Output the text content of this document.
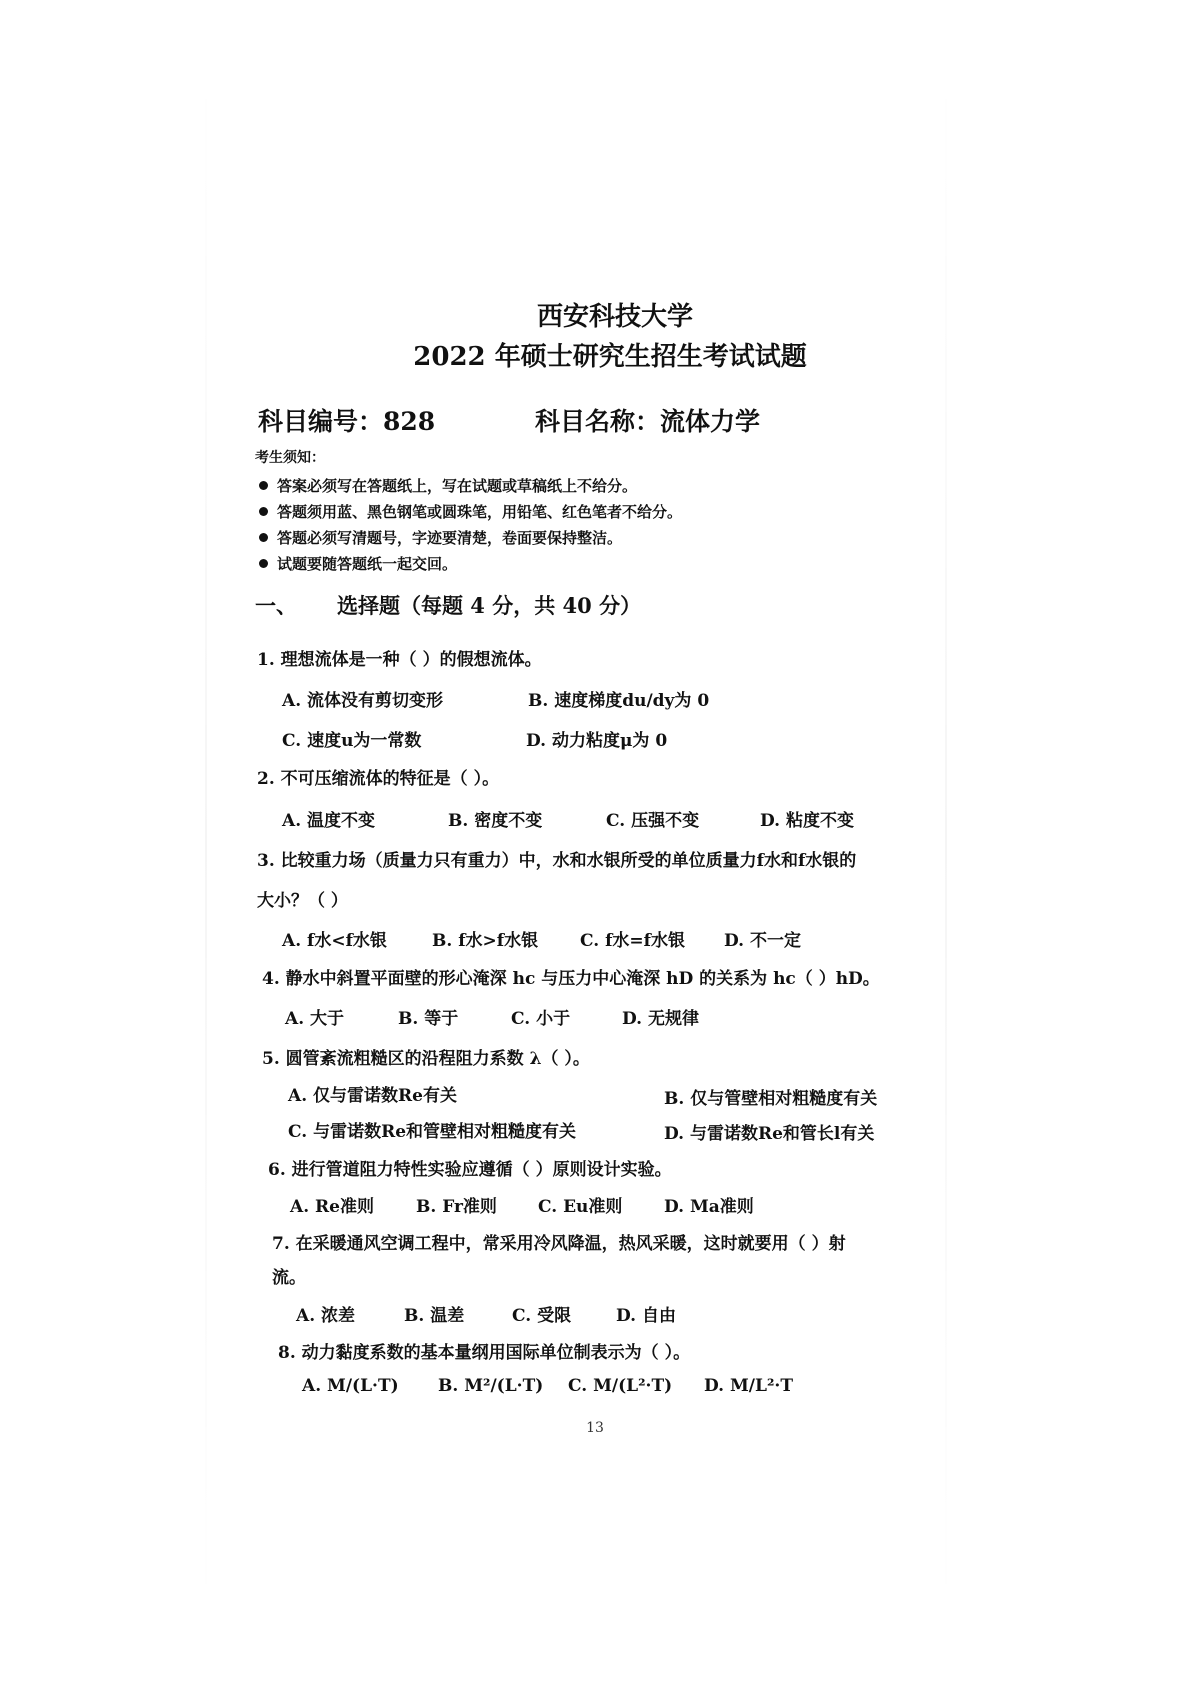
西安科技大学
2022 年硕士研究生招生考试试题
科目编号：828	科目名称：流体力学
考生须知：
答案必须写在答题纸上，写在试题或草稿纸上不给分。
答题须用蓝、黑色钢笔或圆珠笔，用铅笔、红色笔者不给分。
答题必须写清题号，字迹要清楚，卷面要保持整洁。
试题要随答题纸一起交回。
一、 选择题（每题 4 分，共 40 分）
1. 理想流体是一种（ ）的假想流体。
A. 流体没有剪切变形	B. 速度梯度du/dy为 0
C. 速度u为一常数	D. 动力粘度μ为 0
2. 不可压缩流体的特征是（ ）。
A. 温度不变	B. 密度不变	C. 压强不变	D. 粘度不变
3. 比较重力场（质量力只有重力）中，水和水银所受的单位质量力f水和f水银的
大小？（ ）
A. f水<f水银	B. f水>f水银 C. f水=f水银 D. 不一定
4. 静水中斜置平面壁的形心淹深 hc 与压力中心淹深 hD 的关系为 hc（ ）hD。
A. 大于	B. 等于	C. 小于	D. 无规律
5. 圆管紊流粗糙区的沿程阻力系数 λ（ ）。
A. 仅与雷诺数Re有关	B. 仅与管壁相对粗糙度有关
C. 与雷诺数Re和管壁相对粗糙度有关	D. 与雷诺数Re和管长l有关
6. 进行管道阻力特性实验应遵循（ ）原则设计实验。
A. Re准则 B. Fr准则 C. Eu准则 D. Ma准则
7. 在采暖通风空调工程中，常采用冷风降温，热风采暖，这时就要用（ ）射
流。
A. 浓差	B. 温差	C. 受限	D. 自由
8. 动力黏度系数的基本量纲用国际单位制表示为（ ）。
A. M/(L·T) B. M²/(L·T) C. M/(L²·T) D. M/L²·T
13
